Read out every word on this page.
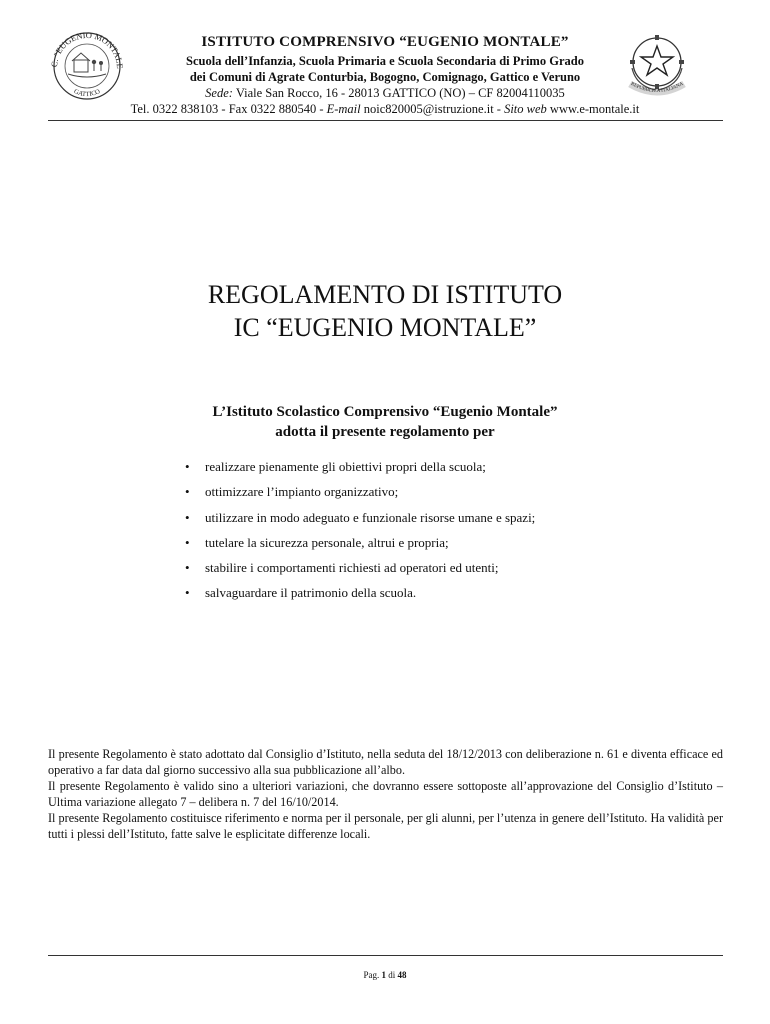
C. "EUGENIO MONTALE
GATTICO
ISTITUTO COMPRENSIVO “EUGENIO MONTALE”
Scuola dell’Infanzia, Scuola Primaria e Scuola Secondaria di Primo Grado
dei Comuni di Agrate Conturbia, Bogogno, Comignago, Gattico e Veruno
Sede: Viale San Rocco, 16 - 28013 GATTICO (NO) – CF 82004110035
Tel. 0322 838103 - Fax 0322 880540 - E-mail noic820005@istruzione.it - Sito web www.e-montale.it
REPUBBLICA ITALIANA
REGOLAMENTO DI ISTITUTO
IC “EUGENIO MONTALE”
L’Istituto Scolastico Comprensivo “Eugenio Montale”
adotta il presente regolamento per
• realizzare pienamente gli obiettivi propri della scuola;
• ottimizzare l’impianto organizzativo;
• utilizzare in modo adeguato e funzionale risorse umane e spazi;
• tutelare la sicurezza personale, altrui e propria;
• stabilire i comportamenti richiesti ad operatori ed utenti;
• salvaguardare il patrimonio della scuola.

Il presente Regolamento è stato adottato dal Consiglio d’Istituto, nella seduta del 18/12/2013 con deliberazione n. 61 e diventa efficace ed operativo a far data dal giorno successivo alla sua pubblicazione all’albo.

Il presente Regolamento è valido sino a ulteriori variazioni, che dovranno essere sottoposte all’approvazione del Consiglio d’Istituto – Ultima variazione allegato 7 – delibera n. 7 del 16/10/2014.

Il presente Regolamento costituisce riferimento e norma per il personale, per gli alunni, per l’utenza in genere dell’Istituto. Ha validità per tutti i plessi dell’Istituto, fatte salve le esplicitate differenze locali.

Pag. 1 di 48
